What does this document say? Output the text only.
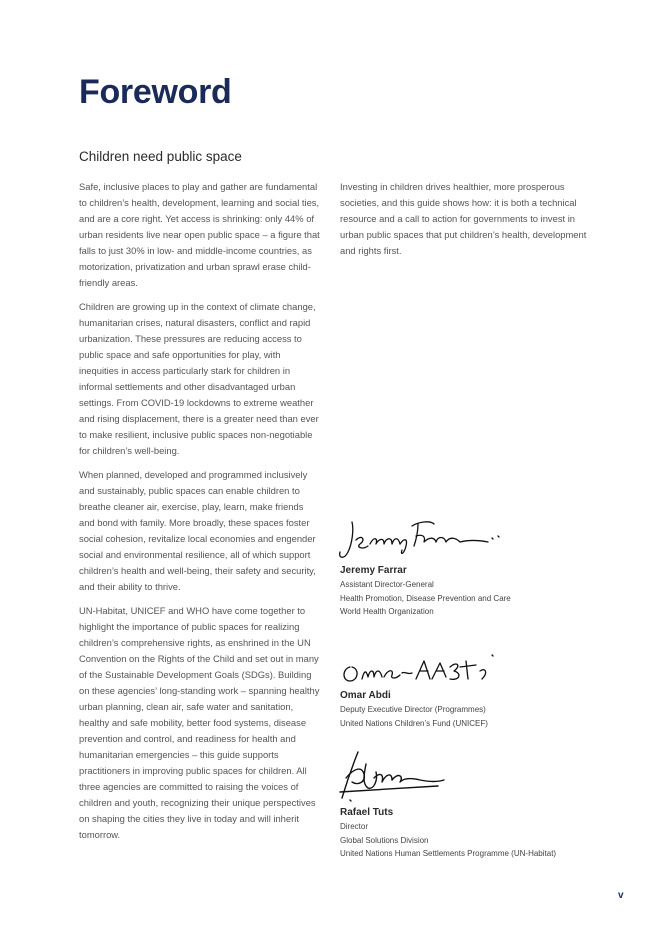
Foreword
Children need public space

Safe, inclusive places to play and gather are fundamental to children’s health, development, learning and social ties, and are a core right. Yet access is shrinking: only 44% of urban residents live near open public space – a figure that falls to just 30% in low- and middle-income countries, as motorization, privatization and urban sprawl erase child-friendly areas.

Children are growing up in the context of climate change, humanitarian crises, natural disasters, conflict and rapid urbanization. These pressures are reducing access to public space and safe opportunities for play, with inequities in access particularly stark for children in informal settlements and other disadvantaged urban settings. From COVID-19 lockdowns to extreme weather and rising displacement, there is a greater need than ever to make resilient, inclusive public spaces non-negotiable for children’s well-being.

When planned, developed and programmed inclusively and sustainably, public spaces can enable children to breathe cleaner air, exercise, play, learn, make friends and bond with family. More broadly, these spaces foster social cohesion, revitalize local economies and engender social and environmental resilience, all of which support children’s health and well-being, their safety and security, and their ability to thrive.

UN-Habitat, UNICEF and WHO have come together to highlight the importance of public spaces for realizing children’s comprehensive rights, as enshrined in the UN Convention on the Rights of the Child and set out in many of the Sustainable Development Goals (SDGs). Building on these agencies’ long-standing work – spanning healthy urban planning, clean air, safe water and sanitation, healthy and safe mobility, better food systems, disease prevention and control, and readiness for health and humanitarian emergencies – this guide supports practitioners in improving public spaces for children. All three agencies are committed to raising the voices of children and youth, recognizing their unique perspectives on shaping the cities they live in today and will inherit tomorrow.

Investing in children drives healthier, more prosperous societies, and this guide shows how: it is both a technical resource and a call to action for governments to invest in urban public spaces that put children’s health, development and rights first.

Jeremy Farrar
Assistant Director-General
Health Promotion, Disease Prevention and Care
World Health Organization
Omar Abdi
Deputy Executive Director (Programmes)
United Nations Children’s Fund (UNICEF)
Rafael Tuts
Director
Global Solutions Division
United Nations Human Settlements Programme (UN-Habitat)
v
